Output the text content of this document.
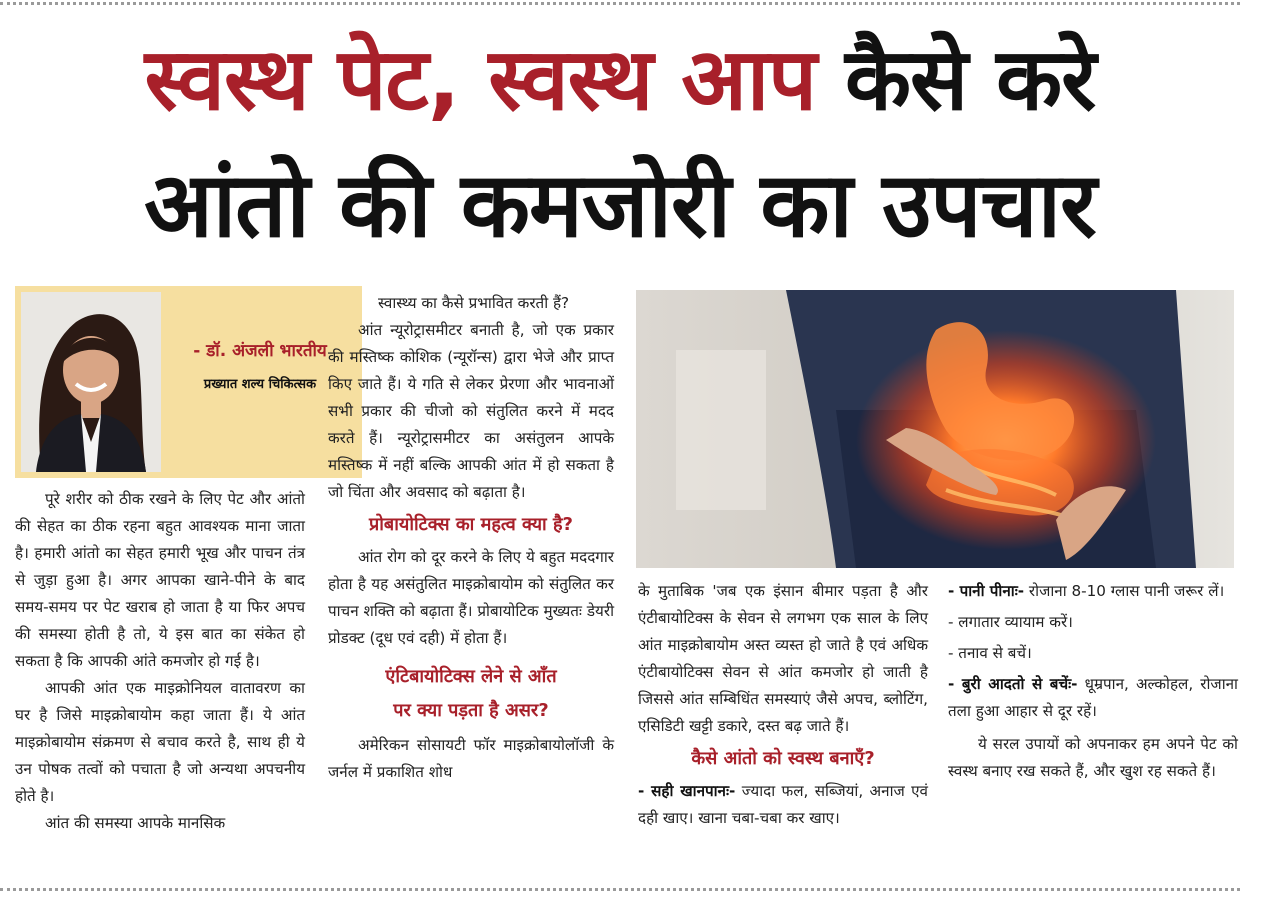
स्वस्थ पेट, स्वस्थ आप कैसे करे
आंतो की कमजोरी का उपचार
- डॉ. अंजली भारतीय
प्रख्यात शल्य चिकित्सक

पूरे शरीर को ठीक रखने के लिए पेट और आंतो की सेहत का ठीक रहना बहुत आवश्यक माना जाता है। हमारी आंतो का सेहत हमारी भूख और पाचन तंत्र से जुड़ा हुआ है। अगर आपका खाने-पीने के बाद समय-समय पर पेट खराब हो जाता है या फिर अपच की समस्या होती है तो, ये इस बात का संकेत हो सकता है कि आपकी आंते कमजोर हो गई है।

आपकी आंत एक माइक्रोनियल वातावरण का घर है जिसे माइक्रोबायोम कहा जाता हैं। ये आंत माइक्रोबायोम संक्रमण से बचाव करते है, साथ ही ये उन पोषक तत्वों को पचाता है जो अन्यथा अपचनीय होते है।

आंत की समस्या आपके मानसिक

स्वास्थ्य का कैसे प्रभावित करती हैं?

आंत न्यूरोट्रासमीटर बनाती है, जो एक प्रकार की मस्तिष्क कोशिक (न्यूरॉन्स) द्वारा भेजे और प्राप्त किए जाते हैं। ये गति से लेकर प्रेरणा और भावनाओं सभी प्रकार की चीजो को संतुलित करने में मदद करते हैं। न्यूरोट्रासमीटर का असंतुलन आपके मस्तिष्क में नहीं बल्कि आपकी आंत में हो सकता है जो चिंता और अवसाद को बढ़ाता है।

प्रोबायोटिक्स का महत्व क्या है?

आंत रोग को दूर करने के लिए ये बहुत मददगार होता है यह असंतुलित माइक्रोबायोम को संतुलित कर पाचन शक्ति को बढ़ाता हैं। प्रोबायोटिक मुख्यतः डेयरी प्रोडक्ट (दूध एवं दही) में होता हैं।

एंटिबायोटिक्स लेने से आँत
पर क्या पड़ता है असर?

अमेरिकन सोसायटी फॉर माइक्रोबायोलॉजी के जर्नल में प्रकाशित शोध

के मुताबिक 'जब एक इंसान बीमार पड़ता है और एंटीबायोटिक्स के सेवन से लगभग एक साल के लिए आंत माइक्रोबायोम अस्त व्यस्त हो जाते है एवं अधिक एंटीबायोटिक्स सेवन से आंत कमजोर हो जाती है जिससे आंत सम्बिधिंत समस्याएं जैसे अपच, ब्लोटिंग, एसिडिटी खट्टी डकारे, दस्त बढ़ जाते हैं।

कैसे आंतो को स्वस्थ बनाएँ?

- सही खानपानः- ज्यादा फल, सब्जियां, अनाज एवं दही खाए। खाना चबा-चबा कर खाए।

- पानी पीनाः- रोजाना 8-10 ग्लास पानी जरूर लें।

- लगातार व्यायाम करें।

- तनाव से बचें।

- बुरी आदतो से बचेंः- धूम्रपान, अल्कोहल, रोजाना तला हुआ आहार से दूर रहें।

ये सरल उपायों को अपनाकर हम अपने पेट को स्वस्थ बनाए रख सकते हैं, और खुश रह सकते हैं।
